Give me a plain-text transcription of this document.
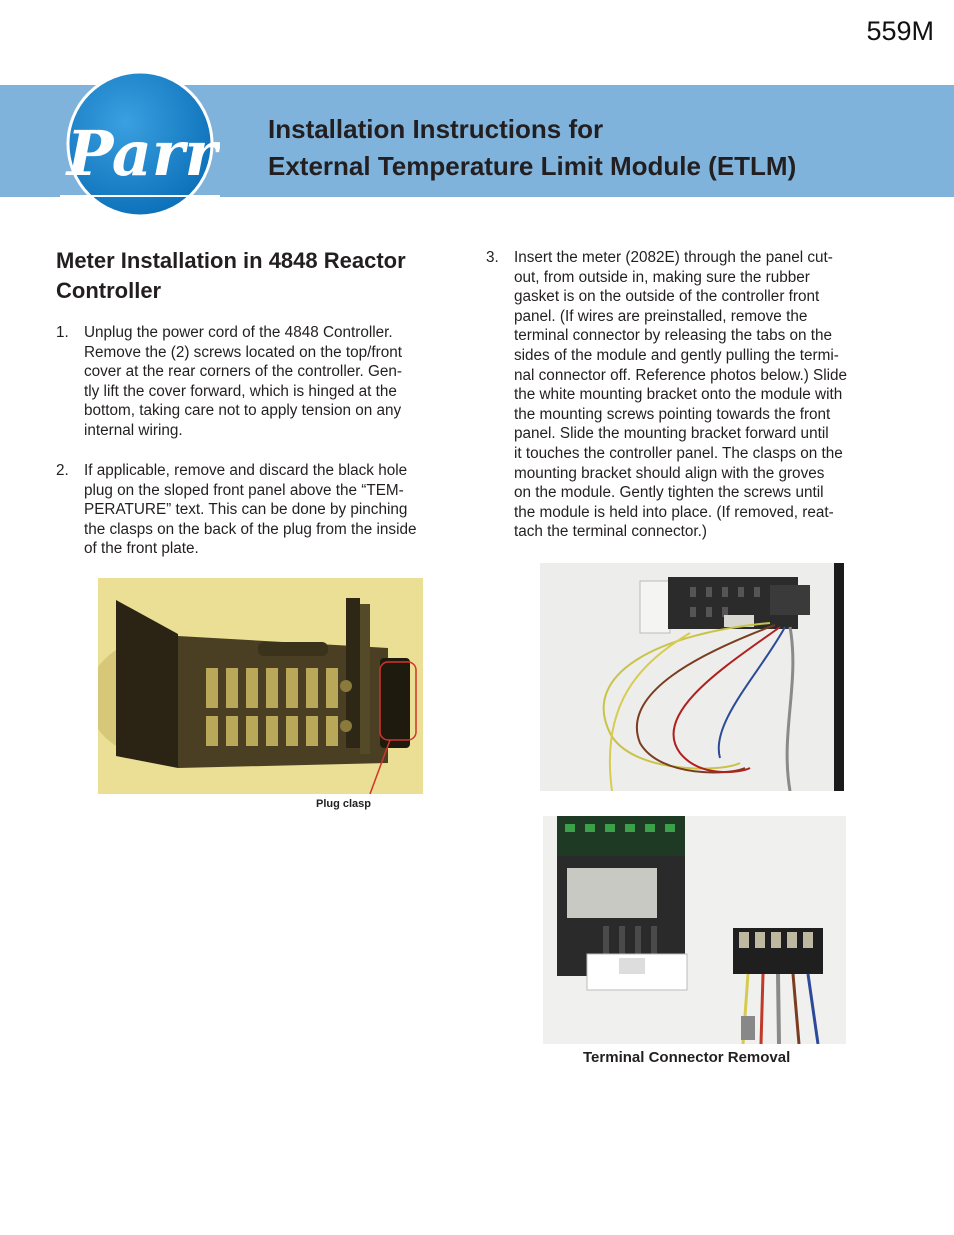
559M
Parr
®
Installation Instructions for
External Temperature Limit Module (ETLM)
Meter Installation in 4848 Reactor Controller
1. Unplug the power cord of the 4848 Controller.
Remove the (2) screws located on the top/front
cover at the rear corners of the controller. Gen-
tly lift the cover forward, which is hinged at the
bottom, taking care not to apply tension on any
internal wiring.
2. If applicable, remove and discard the black hole
plug on the sloped front panel above the “TEM-
PERATURE” text. This can be done by pinching
the clasps on the back of the plug from the inside
of the front plate.
3. Insert the meter (2082E) through the panel cut-
out, from outside in, making sure the rubber
gasket is on the outside of the controller front
panel. (If wires are preinstalled, remove the
terminal connector by releasing the tabs on the
sides of the module and gently pulling the termi-
nal connector off. Reference photos below.) Slide
the white mounting bracket onto the module with
the mounting screws pointing towards the front
panel. Slide the mounting bracket forward until
it touches the controller panel. The clasps on the
mounting bracket should align with the groves
on the module. Gently tighten the screws until
the module is held into place. (If removed, reat-
tach the terminal connector.)
Plug clasp
Terminal Connector Removal
